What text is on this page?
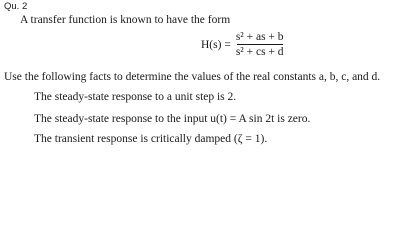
Qu. 2
A transfer function is known to have the form
$H(s) = \frac{\text{s² + as + b}}{\text{s² + cs + d}}$
Use the following facts to determine the values of the real constants a, b, c, and d.
The steady-state response to a unit step is 2.
The steady-state response to the input u(t) = A sin 2t is zero.
The transient response is critically damped (ζ = 1).
